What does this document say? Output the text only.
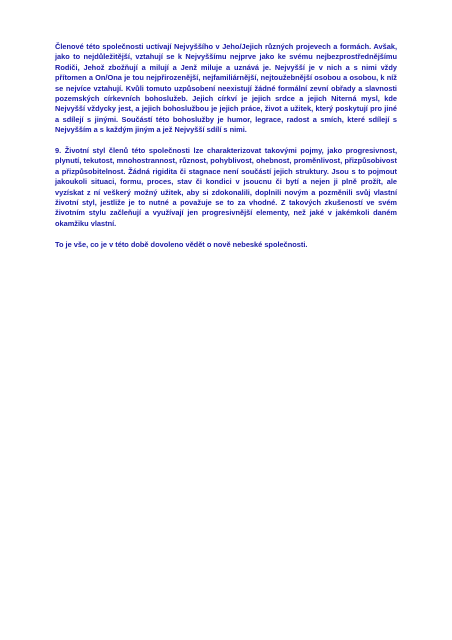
Členové této společnosti uctívají Nejvyššího v Jeho/Jejich různých projevech a formách. Avšak, jako to nejdůležitější, vztahují se k Nejvyššímu nejprve jako ke svému nejbezprostřednějšímu Rodiči, Jehož zbožňují a milují a Jenž miluje a uznává je. Nejvyšší je v nich a s nimi vždy přítomen a On/Ona je tou nejpřirozenější, nejfamiliárnější, nejtoužebnější osobou a osobou, k níž se nejvíce vztahují. Kvůli tomuto uzpůsobení neexistují žádné formální zevní obřady a slavnosti pozemských církevních bohoslužeb. Jejich církví je jejich srdce a jejich Niterná mysl, kde Nejvyšší vždycky jest, a jejich bohoslužbou je jejich práce, život a užitek, který poskytují pro jiné a sdílejí s jinými. Součástí této bohoslužby je humor, legrace, radost a smích, které sdílejí s Nejvyšším a s každým jiným a jež Nejvyšší sdílí s nimi.

9. Životní styl členů této společnosti lze charakterizovat takovými pojmy, jako progresivnost, plynutí, tekutost, mnohostrannost, různost, pohyblivost, ohebnost, proměnlivost, přizpůsobivost a přizpůsobitelnost. Žádná rigidita či stagnace není součástí jejich struktury. Jsou s to pojmout jakoukoli situaci, formu, proces, stav či kondici v jsoucnu či bytí a nejen ji plně prožít, ale vyzískat z ní veškerý možný užitek, aby si zdokonalili, doplnili novým a pozměnili svůj vlastní životní styl, jestliže je to nutné a považuje se to za vhodné. Z takových zkušeností ve svém životním stylu začleňují a využívají jen progresivnější elementy, než jaké v jakémkoli daném okamžiku vlastní.

To je vše, co je v této době dovoleno vědět o nově nebeské společnosti.
